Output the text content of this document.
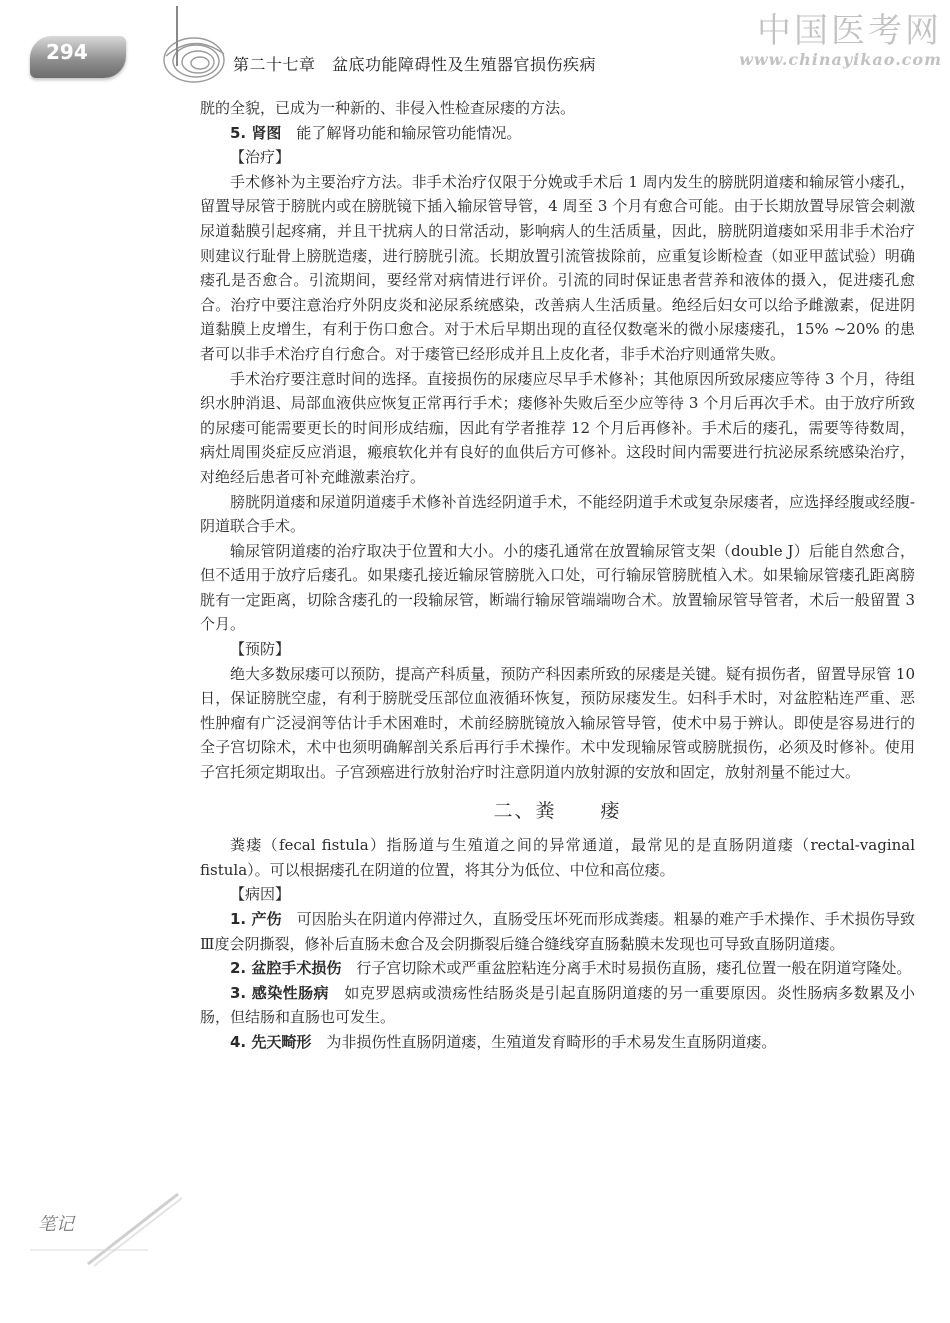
294
第二十七章　盆底功能障碍性及生殖器官损伤疾病
中国医考网
www.chinayikao.com

胱的全貌，已成为一种新的、非侵入性检查尿瘘的方法。

5. 肾图　 能了解肾功能和输尿管功能情况。

【治疗】

手术修补为主要治疗方法。非手术治疗仅限于分娩或手术后 1 周内发生的膀胱阴道瘘和输尿管小瘘孔，留置导尿管于膀胱内或在膀胱镜下插入输尿管导管，4 周至 3 个月有愈合可能。由于长期放置导尿管会刺激尿道黏膜引起疼痛，并且干扰病人的日常活动，影响病人的生活质量，因此，膀胱阴道瘘如采用非手术治疗则建议行耻骨上膀胱造瘘，进行膀胱引流。长期放置引流管拔除前，应重复诊断检查（如亚甲蓝试验）明确瘘孔是否愈合。引流期间，要经常对病情进行评价。引流的同时保证患者营养和液体的摄入，促进瘘孔愈合。治疗中要注意治疗外阴皮炎和泌尿系统感染，改善病人生活质量。绝经后妇女可以给予雌激素，促进阴道黏膜上皮增生，有利于伤口愈合。对于术后早期出现的直径仅数毫米的微小尿瘘瘘孔，15% ~20% 的患者可以非手术治疗自行愈合。对于瘘管已经形成并且上皮化者，非手术治疗则通常失败。

手术治疗要注意时间的选择。直接损伤的尿瘘应尽早手术修补；其他原因所致尿瘘应等待 3 个月，待组织水肿消退、局部血液供应恢复正常再行手术；瘘修补失败后至少应等待 3 个月后再次手术。由于放疗所致的尿瘘可能需要更长的时间形成结痂，因此有学者推荐 12 个月后再修补。手术后的瘘孔，需要等待数周，病灶周围炎症反应消退，瘢痕软化并有良好的血供后方可修补。这段时间内需要进行抗泌尿系统感染治疗，对绝经后患者可补充雌激素治疗。

膀胱阴道瘘和尿道阴道瘘手术修补首选经阴道手术，不能经阴道手术或复杂尿瘘者，应选择经腹或经腹-阴道联合手术。

输尿管阴道瘘的治疗取决于位置和大小。小的瘘孔通常在放置输尿管支架（double J）后能自然愈合，但不适用于放疗后瘘孔。如果瘘孔接近输尿管膀胱入口处，可行输尿管膀胱植入术。如果输尿管瘘孔距离膀胱有一定距离，切除含瘘孔的一段输尿管，断端行输尿管端端吻合术。放置输尿管导管者，术后一般留置 3 个月。

【预防】

绝大多数尿瘘可以预防，提高产科质量，预防产科因素所致的尿瘘是关键。疑有损伤者，留置导尿管 10 日，保证膀胱空虚，有利于膀胱受压部位血液循环恢复，预防尿瘘发生。妇科手术时，对盆腔粘连严重、恶性肿瘤有广泛浸润等估计手术困难时，术前经膀胱镜放入输尿管导管，使术中易于辨认。即使是容易进行的全子宫切除术，术中也须明确解剖关系后再行手术操作。术中发现输尿管或膀胱损伤，必须及时修补。使用子宫托须定期取出。子宫颈癌进行放射治疗时注意阴道内放射源的安放和固定，放射剂量不能过大。

二、粪 瘘

粪瘘（fecal fistula）指肠道与生殖道之间的异常通道，最常见的是直肠阴道瘘（rectal-vaginal fistula）。可以根据瘘孔在阴道的位置，将其分为低位、中位和高位瘘。

【病因】

1. 产伤　 可因胎头在阴道内停滞过久，直肠受压坏死而形成粪瘘。粗暴的难产手术操作、手术损伤导致Ⅲ度会阴撕裂，修补后直肠未愈合及会阴撕裂后缝合缝线穿直肠黏膜未发现也可导致直肠阴道瘘。

2. 盆腔手术损伤　 行子宫切除术或严重盆腔粘连分离手术时易损伤直肠，瘘孔位置一般在阴道穹隆处。

3. 感染性肠病　 如克罗恩病或溃疡性结肠炎是引起直肠阴道瘘的另一重要原因。炎性肠病多数累及小肠，但结肠和直肠也可发生。

4. 先天畸形　 为非损伤性直肠阴道瘘，生殖道发育畸形的手术易发生直肠阴道瘘。

笔记
